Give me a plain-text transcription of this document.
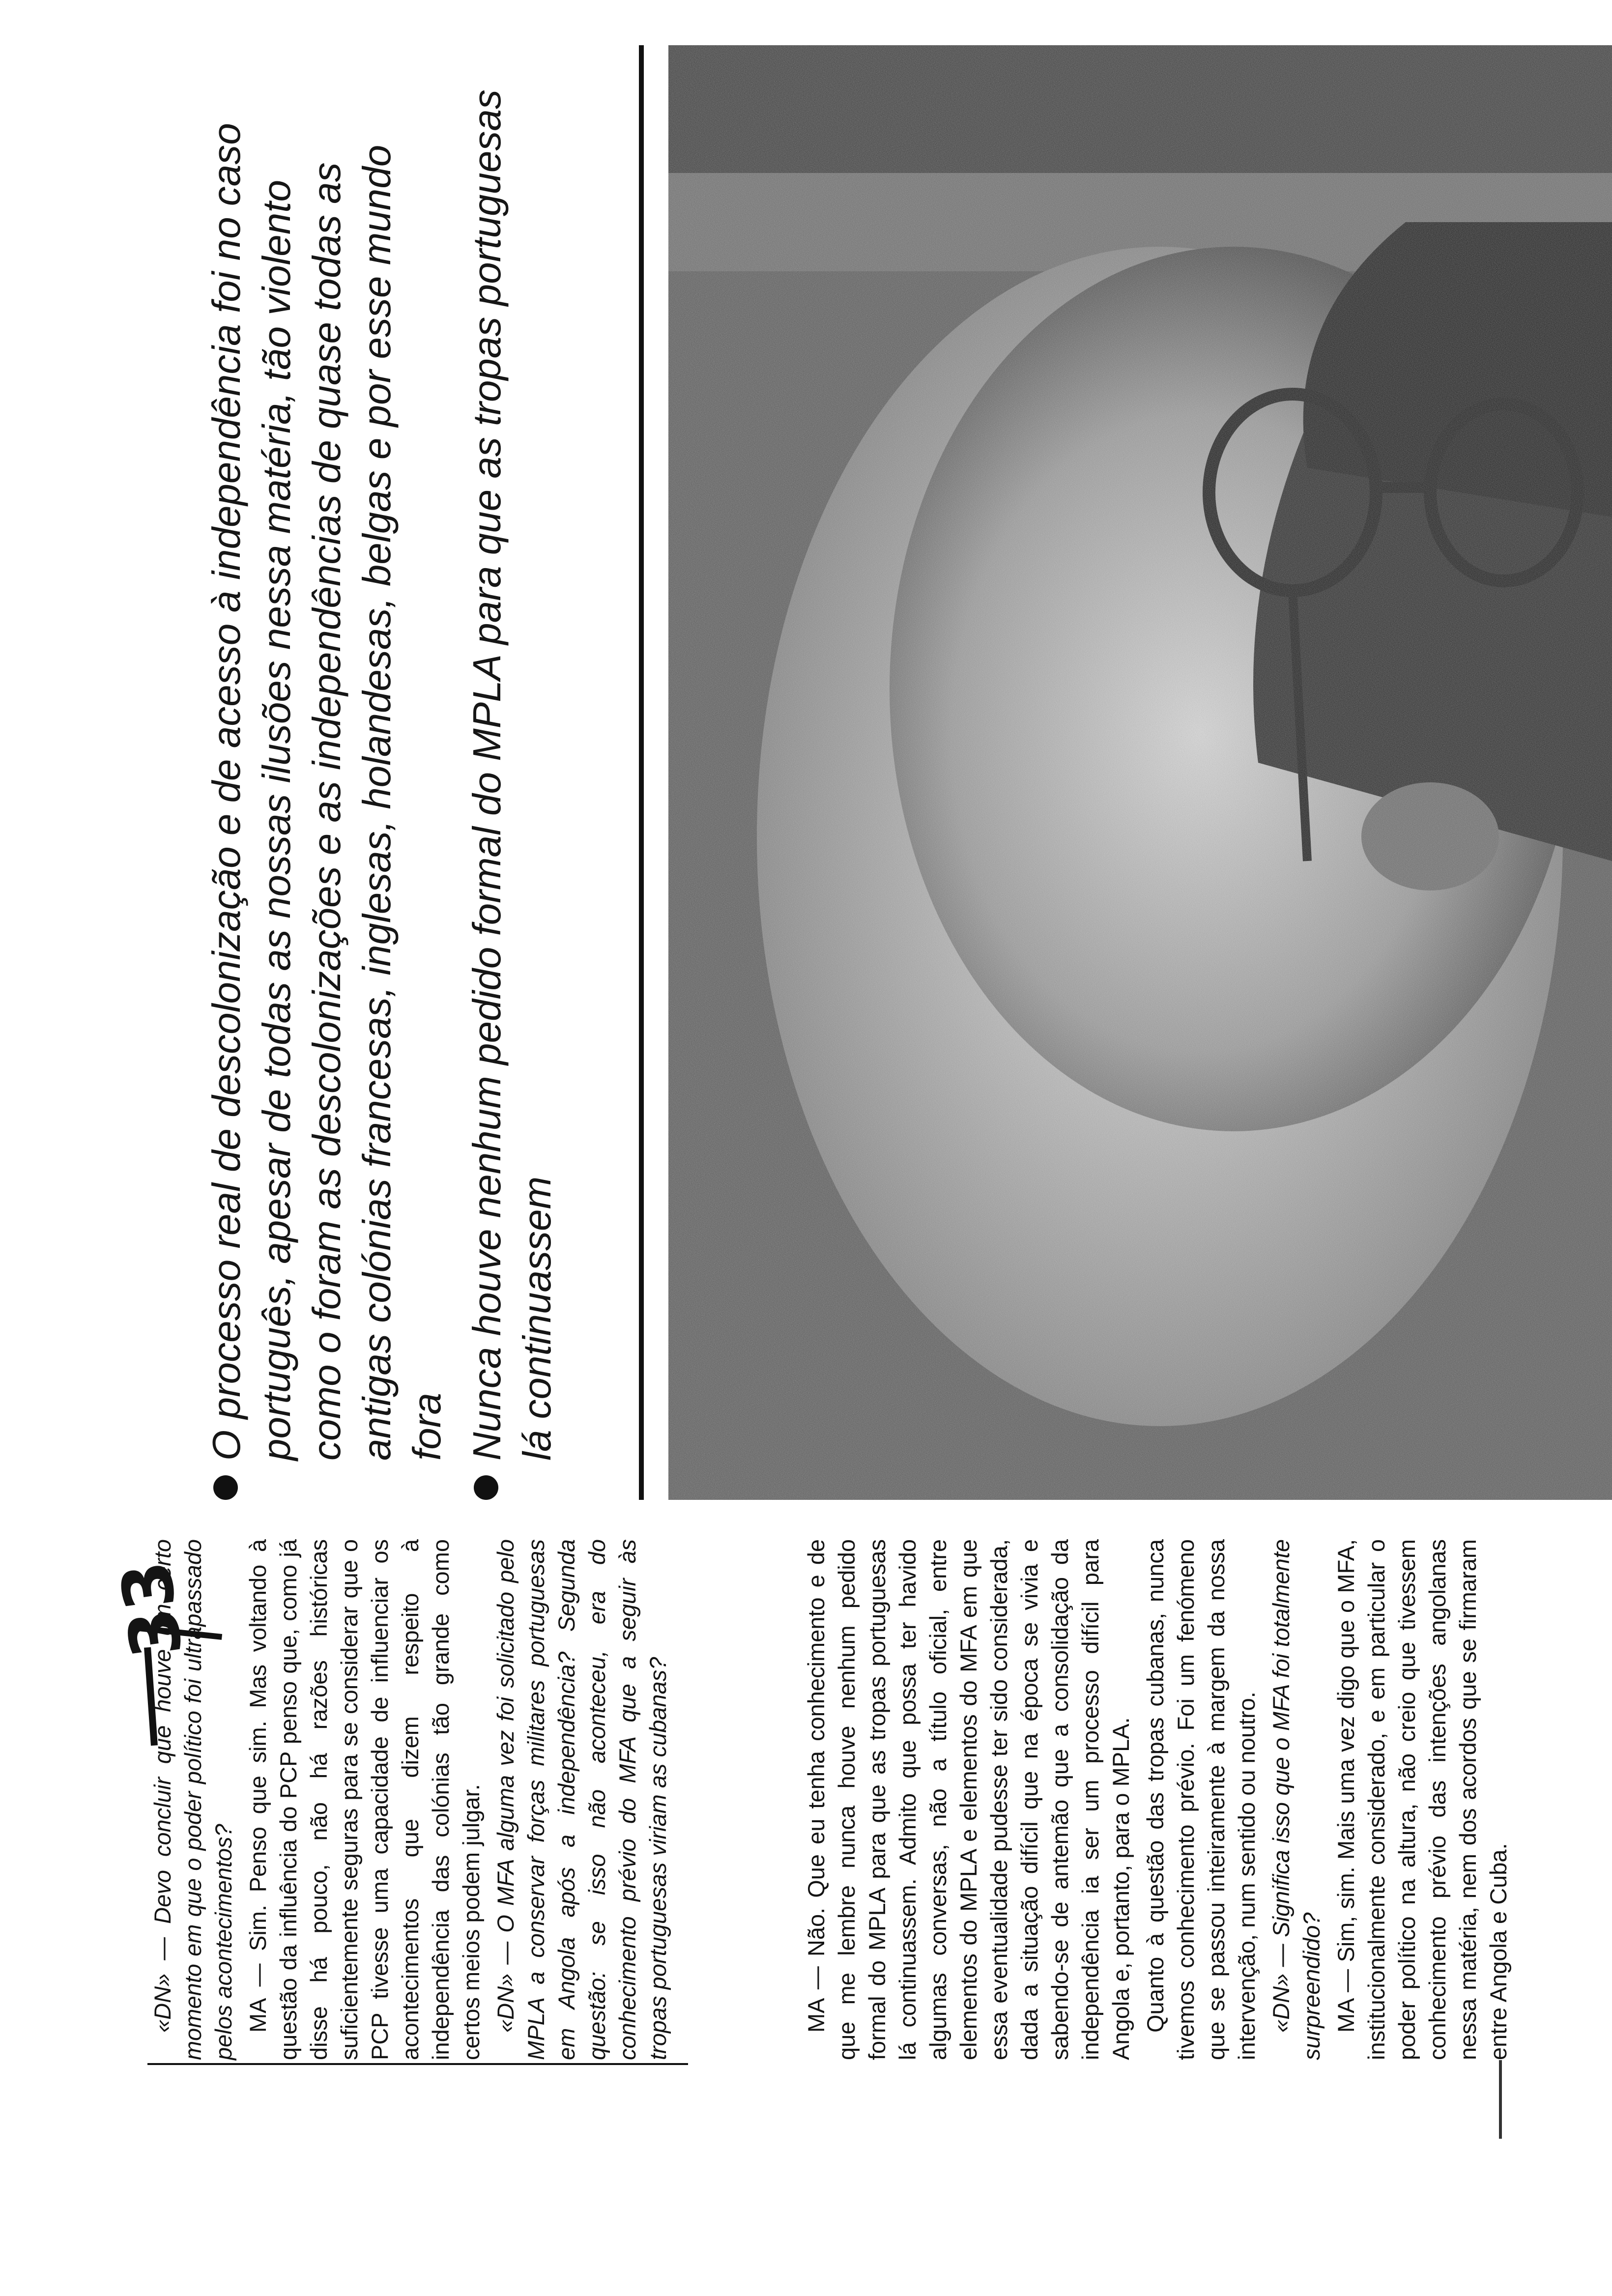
33

«DN» — Devo concluir que houve um certo momento em que o poder político foi ultrapassado pelos acontecimentos? MA — Sim. Penso que sim. Mas voltando à questão da influência do PCP penso que, como já disse há pouco, não há razões históricas suficientemente seguras para se considerar que o PCP tivesse uma capacidade de influenciar os acontecimentos que dizem respeito à independência das colónias tão grande como certos meios podem julgar. «DN» — O MFA alguma vez foi solicitado pelo MPLA a conservar forças militares portuguesas em Angola após a independência? Segunda questão: se isso não aconteceu, era do conhecimento prévio do MFA que a seguir às tropas portuguesas viriam as cubanas?	MA — Não. Que eu tenha conhecimento e de que me lembre nunca houve nenhum pedido formal do MPLA para que as tropas portuguesas lá continuassem. Admito que possa ter havido algumas conversas, não a título oficial, entre elementos do MPLA e elementos do MFA em que essa eventualidade pudesse ter sido considerada, dada a situação difícil que na época se vivia e sabendo-se de antemão que a consolidação da independência ia ser um processo difícil para Angola e, portanto, para o MPLA. Quanto à questão das tropas cubanas, nunca tivemos conhecimento prévio. Foi um fenómeno que se passou inteiramente à margem da nossa intervenção, num sentido ou noutro. «DN» — Significa isso que o MFA foi totalmente surpreendido? MA — Sim, sim. Mais uma vez digo que o MFA, institucionalmente considerado, e em particular o poder político na altura, não creio que tivessem conhecimento prévio das intenções angolanas nessa matéria, nem dos acordos que se firmaram entre Angola e Cuba.

O processo real de descolonização e de acesso à independência foi no caso português, apesar de todas as nossas ilusões nessa matéria, tão violento como o foram as descolonizações e as independências de quase todas as antigas colónias francesas, inglesas, holandesas, belgas e por esse mundo fora Nunca houve nenhum pedido formal do MPLA para que as tropas portuguesas lá continuassem
